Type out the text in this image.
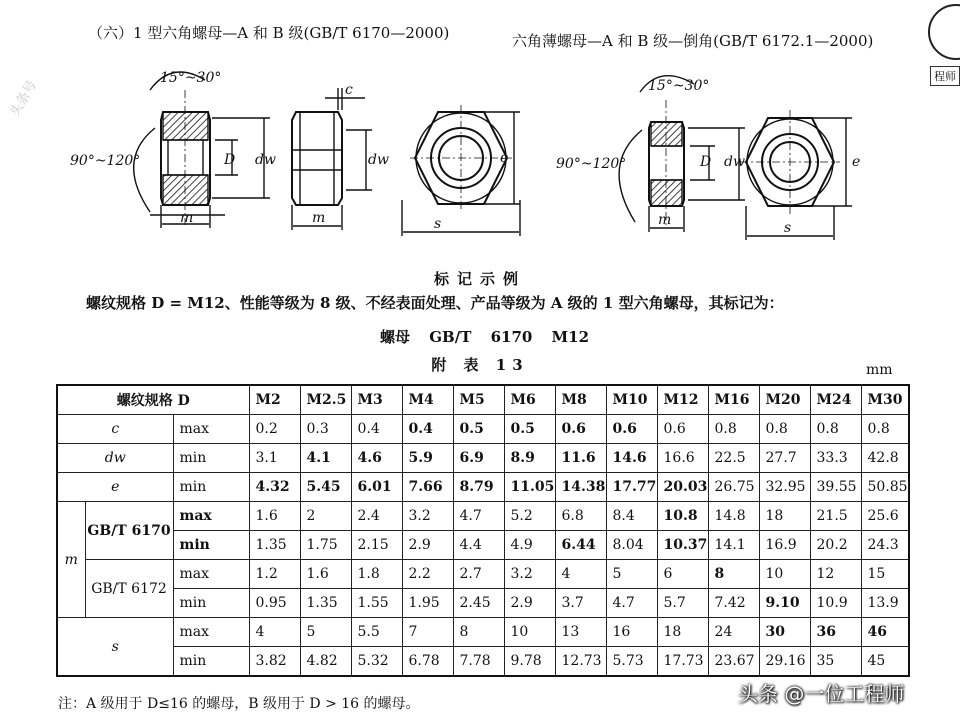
（六）1 型六角螺母—A 和 B 级(GB/T 6170—2000)	六角薄螺母—A 和 B 级—倒角(GB/T 6172.1—2000)
程师
头条号
15°~30°
90°~120°
m
D dw
c
m
dw	e
s
15°~30°
90°~120°
m
D dw	e
s
标记示例
螺纹规格 D = M12、性能等级为 8 级、不经表面处理、产品等级为 A 级的 1 型六角螺母，其标记为：
螺母 GB/T 6170 M12
附 表 13	mm
螺纹规格 D			M2	M2.5	M3	M4	M5	M6	M8	M10	M12	M16	M20	M24	M30
c		max	0.2	0.3	0.4	0.4	0.5	0.5	0.6	0.6	0.6	0.8	0.8	0.8	0.8
dw		min	3.1	4.1	4.6	5.9	6.9	8.9	11.6	14.6	16.6	22.5	27.7	33.3	42.8
e		min	4.32	5.45	6.01	7.66	8.79	11.05	14.38	17.77	20.03	26.75	32.95	39.55	50.85
m	GB/T 6170	max	1.6	2	2.4	3.2	4.7	5.2	6.8	8.4	10.8	14.8	18	21.5	25.6
		min	1.35	1.75	2.15	2.9	4.4	4.9	6.44	8.04	10.37	14.1	16.9	20.2	24.3
	GB/T 6172	max	1.2	1.6	1.8	2.2	2.7	3.2	4	5	6	8	10	12	15
		min	0.95	1.35	1.55	1.95	2.45	2.9	3.7	4.7	5.7	7.42	9.10	10.9	13.9
s		max	4	5	5.5	7	8	10	13	16	18	24	30	36	46
		min	3.82	4.82	5.32	6.78	7.78	9.78	12.73	5.73	17.73	23.67	29.16	35	45
注：A 级用于 D≤16 的螺母，B 级用于 D > 16 的螺母。	头条 @一位工程师
